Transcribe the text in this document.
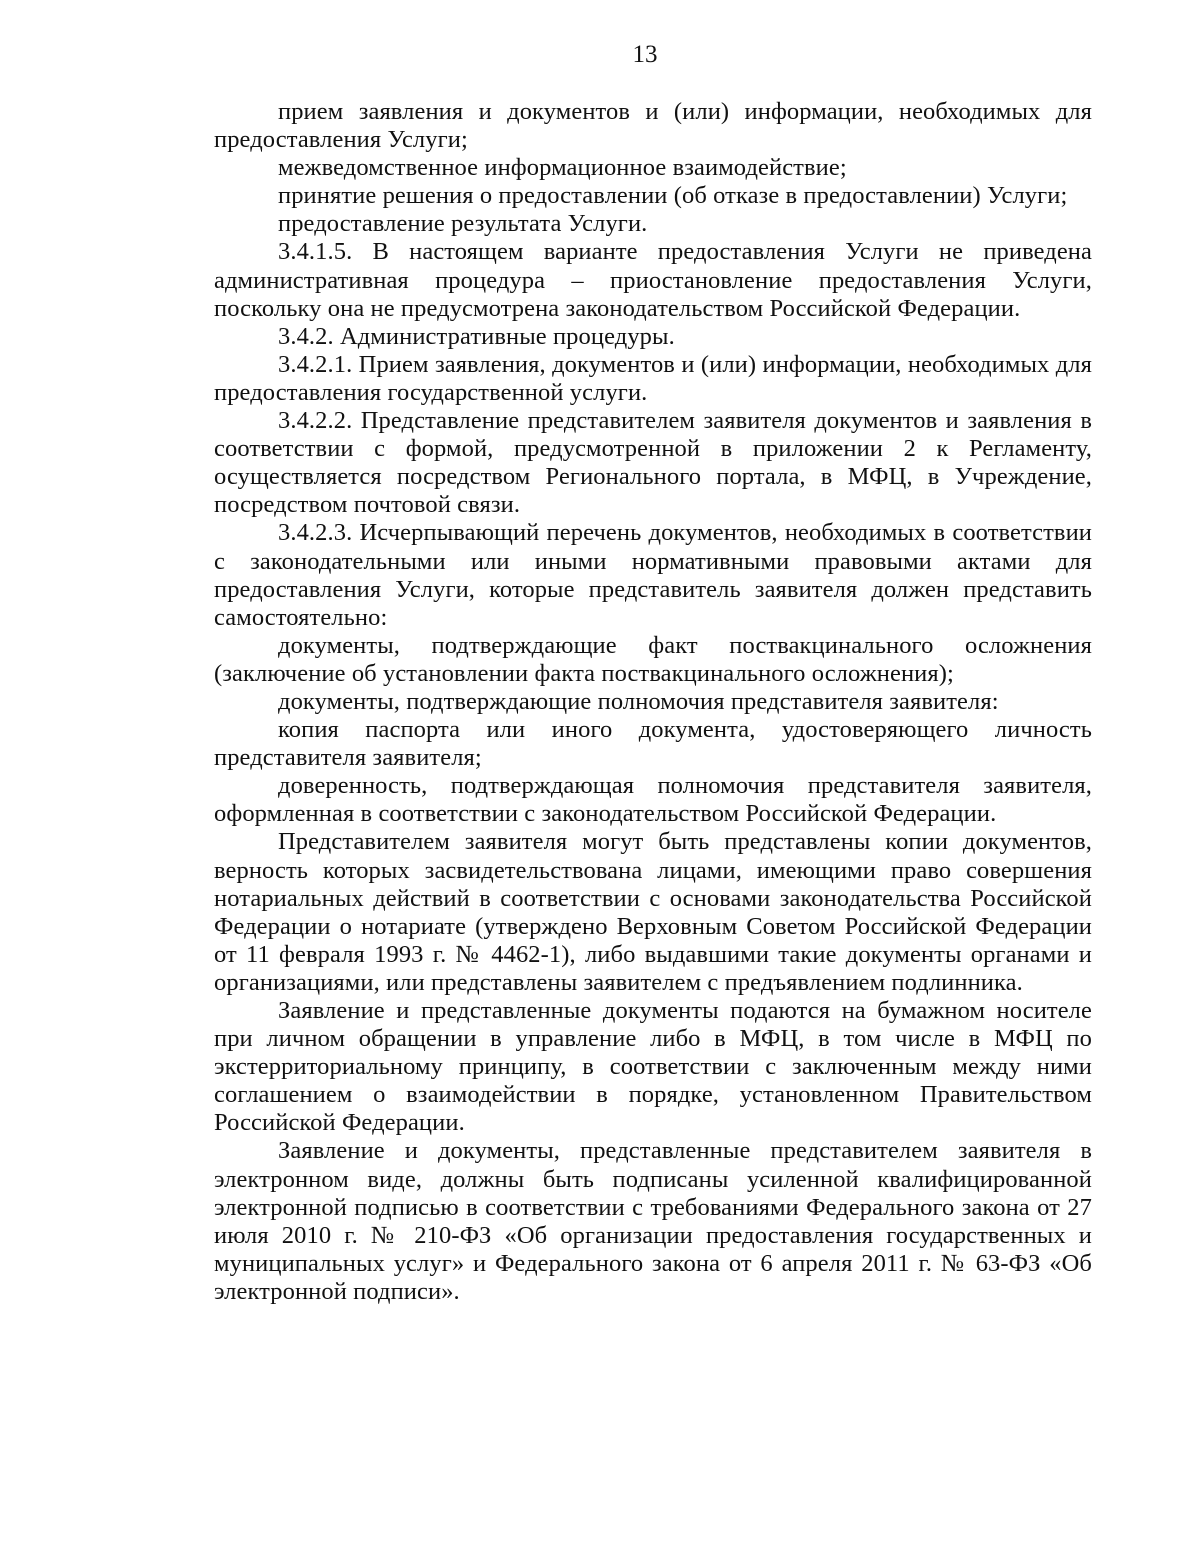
13

прием заявления и документов и (или) информации, необходимых для предоставления Услуги;

межведомственное информационное взаимодействие;

принятие решения о предоставлении (об отказе в предоставлении) Услуги;

предоставление результата Услуги.

3.4.1.5. В настоящем варианте предоставления Услуги не приведена административная процедура – приостановление предоставления Услуги, поскольку она не предусмотрена законодательством Российской Федерации.

3.4.2. Административные процедуры.

3.4.2.1. Прием заявления, документов и (или) информации, необходимых для предоставления государственной услуги.

3.4.2.2. Представление представителем заявителя документов и заявления в соответствии с формой, предусмотренной в приложении 2 к Регламенту, осуществляется посредством Регионального портала, в МФЦ, в Учреждение, посредством почтовой связи.

3.4.2.3. Исчерпывающий перечень документов, необходимых в соответствии с законодательными или иными нормативными правовыми актами для предоставления Услуги, которые представитель заявителя должен представить самостоятельно:

документы, подтверждающие факт поствакцинального осложнения (заключение об установлении факта поствакцинального осложнения);

документы, подтверждающие полномочия представителя заявителя:

копия паспорта или иного документа, удостоверяющего личность представителя заявителя;

доверенность, подтверждающая полномочия представителя заявителя, оформленная в соответствии с законодательством Российской Федерации.

Представителем заявителя могут быть представлены копии документов, верность которых засвидетельствована лицами, имеющими право совершения нотариальных действий в соответствии с основами законодательства Российской Федерации о нотариате (утверждено Верховным Советом Российской Федерации от 11 февраля 1993 г. № 4462-1), либо выдавшими такие документы органами и организациями, или представлены заявителем с предъявлением подлинника.

Заявление и представленные документы подаются на бумажном носителе при личном обращении в управление либо в МФЦ, в том числе в МФЦ по экстерриториальному принципу, в соответствии с заключенным между ними соглашением о взаимодействии в порядке, установленном Правительством Российской Федерации.

Заявление и документы, представленные представителем заявителя в электронном виде, должны быть подписаны усиленной квалифицированной электронной подписью в соответствии с требованиями Федерального закона от 27 июля 2010 г. № 210-ФЗ «Об организации предоставления государственных и муниципальных услуг» и Федерального закона от 6 апреля 2011 г. № 63-ФЗ «Об электронной подписи».
